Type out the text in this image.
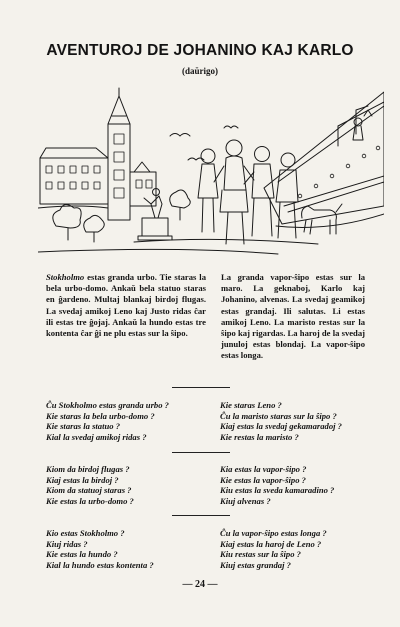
AVENTUROJ DE JOHANINO KAJ KARLO
(daŭrigo)

Stokholmo estas granda urbo. Tie staras la bela urbo-domo. Ankaŭ bela statuo staras en ĝardeno. Multaj blankaj birdoj flugas. La svedaj amikoj Leno kaj Justo ridas ĉar ili estas tre ĝojaj. Ankaŭ la hundo estas tre kontenta ĉar ĝi ne plu estas sur la ŝipo.

La granda vapor-ŝipo estas sur la maro. La geknaboj, Karlo kaj Johanino, alvenas. La svedaj geamikoj estas grandaj. Ili salutas. Li estas amikoj Leno. La maristo restas sur la ŝipo kaj rigardas. La haroj de la svedaj junuloj estas blondaj. La vapor-ŝipo estas longa.

Ĉu Stokholmo estas granda urbo ?
Kie staras la bela urbo-domo ?
Kie staras la statuo ?
Kial la svedaj amikoj ridas ?
Kie staras Leno ?
Ĉu la maristo staras sur la ŝipo ?
Kiaj estas la svedaj gekamaradoj ?
Kie restas la maristo ?
Kiom da birdoj flugas ?
Kiaj estas la birdoj ?
Kiom da statuoj staras ?
Kie estas la urbo-domo ?
Kia estas la vapor-ŝipo ?
Kie estas la vapor-ŝipo ?
Kiu estas la sveda kamaradino ?
Kiuj alvenas ?
Kio estas Stokholmo ?
Kiuj ridas ?
Kie estas la hundo ?
Kial la hundo estas kontenta ?
Ĉu la vapor-ŝipo estas longa ?
Kiaj estas la haroj de Leno ?
Kiu restas sur la ŝipo ?
Kiuj estas grandaj ?
— 24 —
